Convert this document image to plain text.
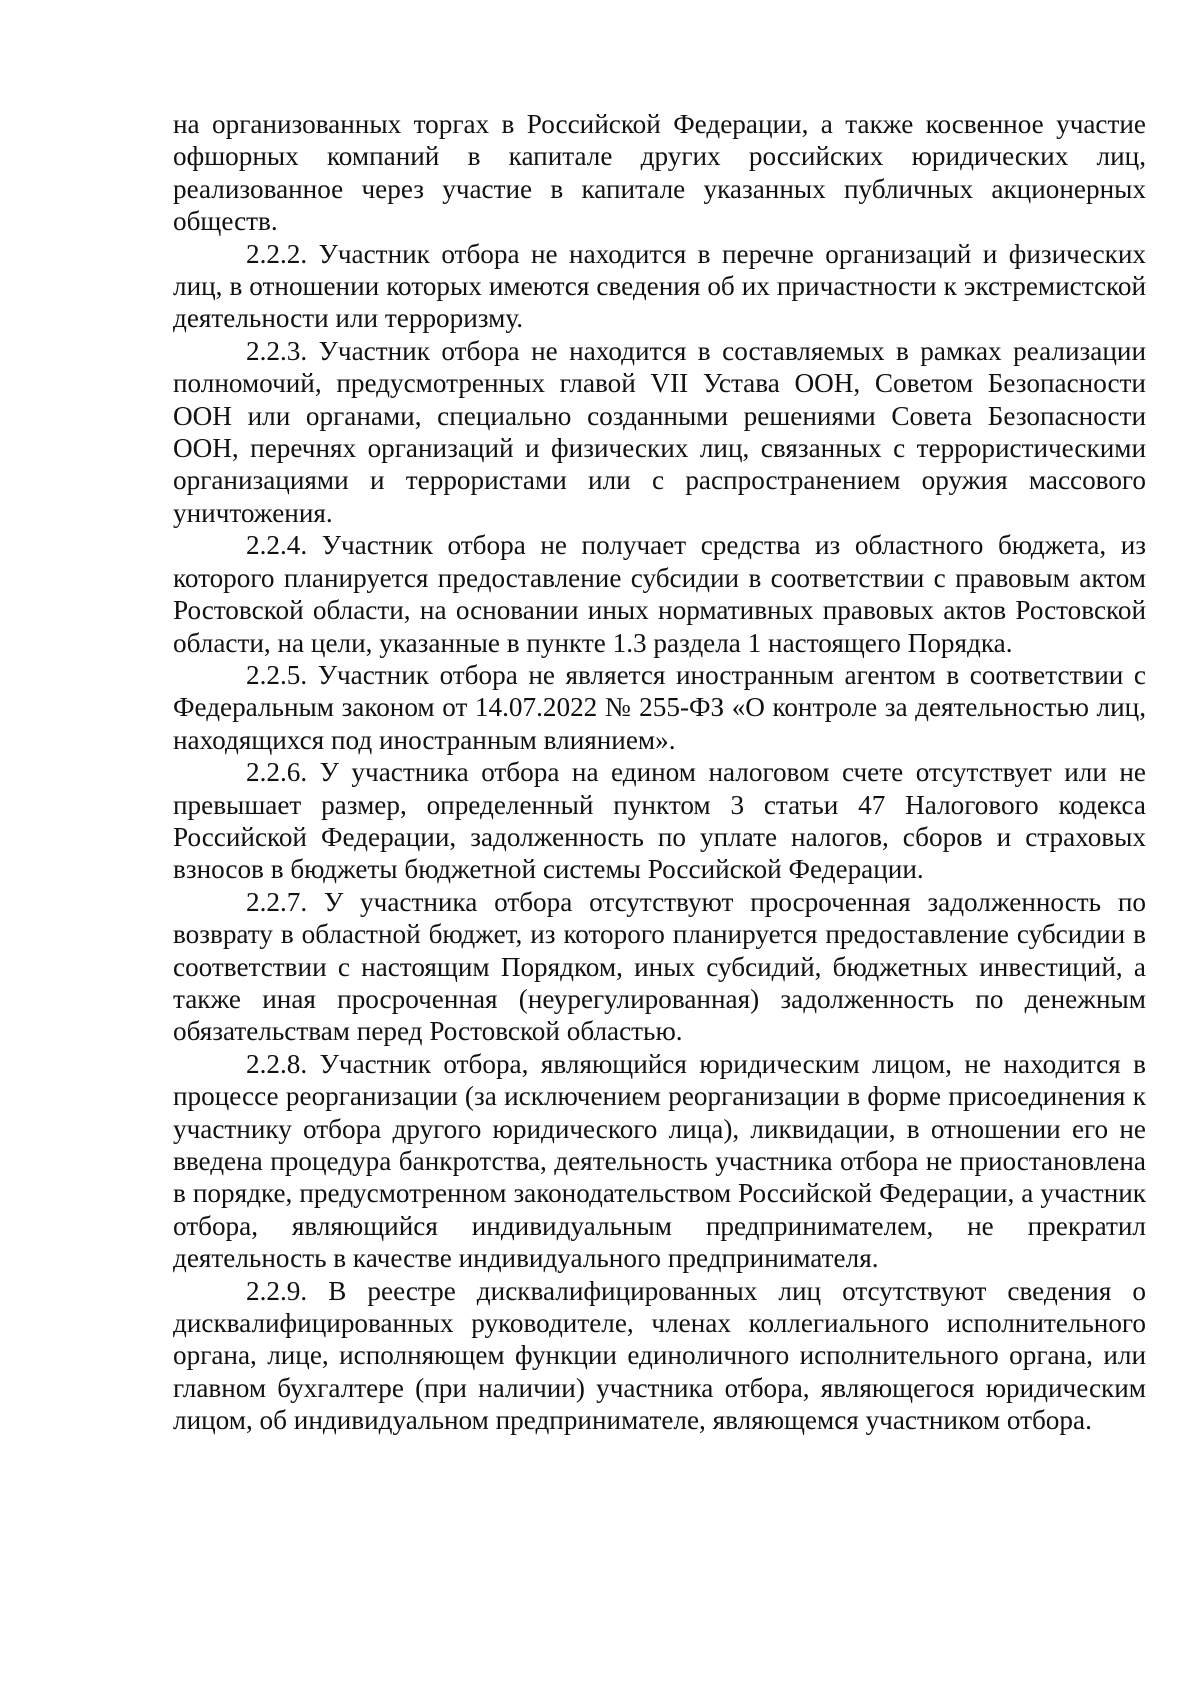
на организованных торгах в Российской Федерации, а также косвенное участие офшорных компаний в капитале других российских юридических лиц, реализованное через участие в капитале указанных публичных акционерных обществ.

2.2.2. Участник отбора не находится в перечне организаций и физических лиц, в отношении которых имеются сведения об их причастности к экстремистской деятельности или терроризму.

2.2.3. Участник отбора не находится в составляемых в рамках реализации полномочий, предусмотренных главой VII Устава ООН, Советом Безопасности ООН или органами, специально созданными решениями Совета Безопасности ООН, перечнях организаций и физических лиц, связанных с террористическими организациями и террористами или с распространением оружия массового уничтожения.

2.2.4. Участник отбора не получает средства из областного бюджета, из которого планируется предоставление субсидии в соответствии с правовым актом Ростовской области, на основании иных нормативных правовых актов Ростовской области, на цели, указанные в пункте 1.3 раздела 1 настоящего Порядка.

2.2.5. Участник отбора не является иностранным агентом в соответствии с Федеральным законом от 14.07.2022 № 255-ФЗ «О контроле за деятельностью лиц, находящихся под иностранным влиянием».

2.2.6. У участника отбора на едином налоговом счете отсутствует или не превышает размер, определенный пунктом 3 статьи 47 Налогового кодекса Российской Федерации, задолженность по уплате налогов, сборов и страховых взносов в бюджеты бюджетной системы Российской Федерации.

2.2.7. У участника отбора отсутствуют просроченная задолженность по возврату в областной бюджет, из которого планируется предоставление субсидии в соответствии с настоящим Порядком, иных субсидий, бюджетных инвестиций, а также иная просроченная (неурегулированная) задолженность по денежным обязательствам перед Ростовской областью.

2.2.8. Участник отбора, являющийся юридическим лицом, не находится в процессе реорганизации (за исключением реорганизации в форме присоединения к участнику отбора другого юридического лица), ликвидации, в отношении его не введена процедура банкротства, деятельность участника отбора не приостановлена в порядке, предусмотренном законодательством Российской Федерации, а участник отбора, являющийся индивидуальным предпринимателем, не прекратил деятельность в качестве индивидуального предпринимателя.

2.2.9. В реестре дисквалифицированных лиц отсутствуют сведения о дисквалифицированных руководителе, членах коллегиального исполнительного органа, лице, исполняющем функции единоличного исполнительного органа, или главном бухгалтере (при наличии) участника отбора, являющегося юридическим лицом, об индивидуальном предпринимателе, являющемся участником отбора.
